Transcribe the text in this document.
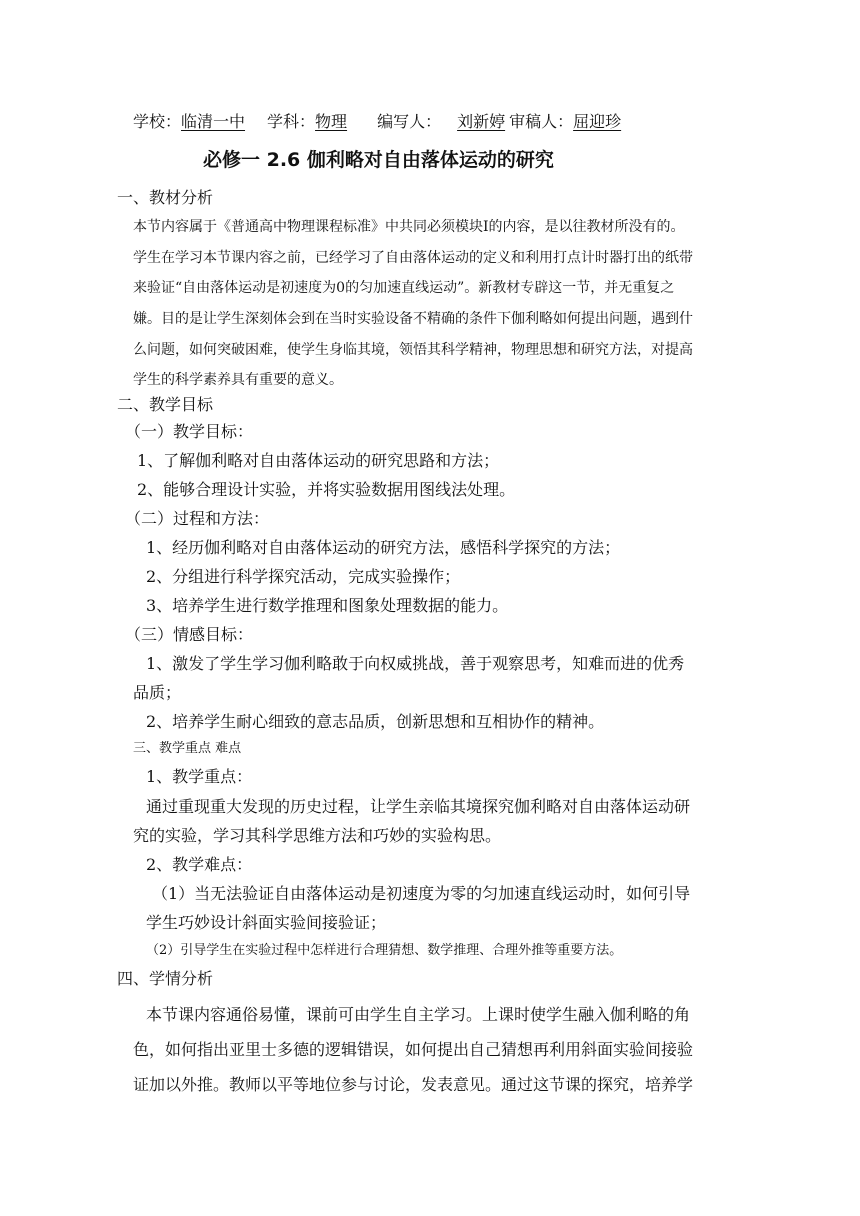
学校：临清一中 学科：物理 编写人： 刘新婷 审稿人：屈迎珍
必修一 2.6 伽利略对自由落体运动的研究
一、教材分析
本节内容属于《普通高中物理课程标准》中共同必须模块Ⅰ的内容，是以往教材所没有的。
学生在学习本节课内容之前，已经学习了自由落体运动的定义和利用打点计时器打出的纸带
来验证“自由落体运动是初速度为0的匀加速直线运动”。新教材专辟这一节，并无重复之
嫌。目的是让学生深刻体会到在当时实验设备不精确的条件下伽利略如何提出问题，遇到什
么问题，如何突破困难，使学生身临其境，领悟其科学精神，物理思想和研究方法，对提高
学生的科学素养具有重要的意义。
二、教学目标
（一）教学目标：
1、了解伽利略对自由落体运动的研究思路和方法；
2、能够合理设计实验，并将实验数据用图线法处理。
（二）过程和方法：
1、经历伽利略对自由落体运动的研究方法，感悟科学探究的方法；
2、分组进行科学探究活动，完成实验操作；
3、培养学生进行数学推理和图象处理数据的能力。
（三）情感目标：
1、激发了学生学习伽利略敢于向权威挑战，善于观察思考，知难而进的优秀
品质；
2、培养学生耐心细致的意志品质，创新思想和互相协作的精神。
三、教学重点 难点
1、教学重点：
通过重现重大发现的历史过程，让学生亲临其境探究伽利略对自由落体运动研
究的实验，学习其科学思维方法和巧妙的实验构思。
2、教学难点：
（1）当无法验证自由落体运动是初速度为零的匀加速直线运动时，如何引导
学生巧妙设计斜面实验间接验证；
（2）引导学生在实验过程中怎样进行合理猜想、数学推理、合理外推等重要方法。
四、学情分析
本节课内容通俗易懂，课前可由学生自主学习。上课时使学生融入伽利略的角
色，如何指出亚里士多德的逻辑错误，如何提出自己猜想再利用斜面实验间接验
证加以外推。教师以平等地位参与讨论，发表意见。通过这节课的探究，培养学
